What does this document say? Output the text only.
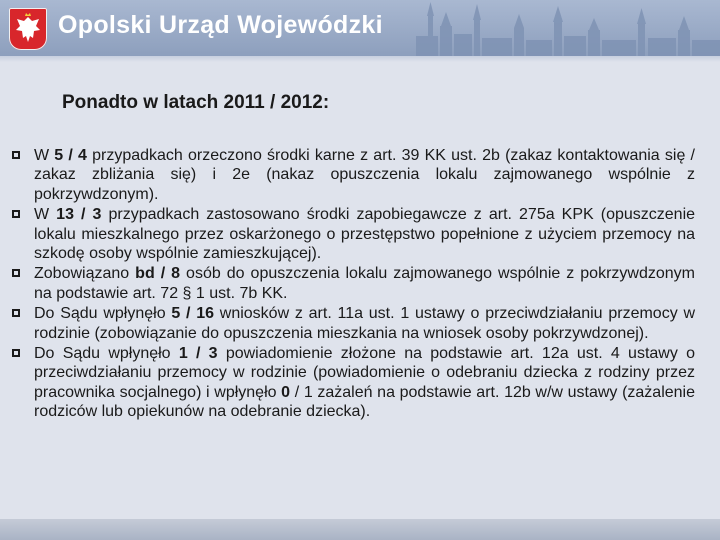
Opolski Urząd Wojewódzki
Ponadto w latach 2011 / 2012:
W 5 / 4 przypadkach orzeczono środki karne z art. 39 KK ust. 2b (zakaz kontaktowania się / zakaz zbliżania się) i 2e (nakaz opuszczenia lokalu zajmowanego wspólnie z pokrzywdzonym).
W 13 / 3 przypadkach zastosowano środki zapobiegawcze z art. 275a KPK (opuszczenie lokalu mieszkalnego przez oskarżonego o przestępstwo popełnione z użyciem przemocy na szkodę osoby wspólnie zamieszkującej).
Zobowiązano bd / 8 osób do opuszczenia lokalu zajmowanego wspólnie z pokrzywdzonym na podstawie art. 72 § 1 ust. 7b KK.
Do Sądu wpłynęło 5 / 16 wniosków z art. 11a ust. 1 ustawy o przeciwdziałaniu przemocy w rodzinie (zobowiązanie do opuszczenia mieszkania na wniosek osoby pokrzywdzonej).
Do Sądu wpłynęło 1 / 3 powiadomienie złożone na podstawie art. 12a ust. 4 ustawy o przeciwdziałaniu przemocy w rodzinie (powiadomienie o odebraniu dziecka z rodziny przez pracownika socjalnego) i wpłynęło 0 / 1 zażaleń na podstawie art. 12b w/w ustawy (zażalenie rodziców lub opiekunów na odebranie dziecka).
